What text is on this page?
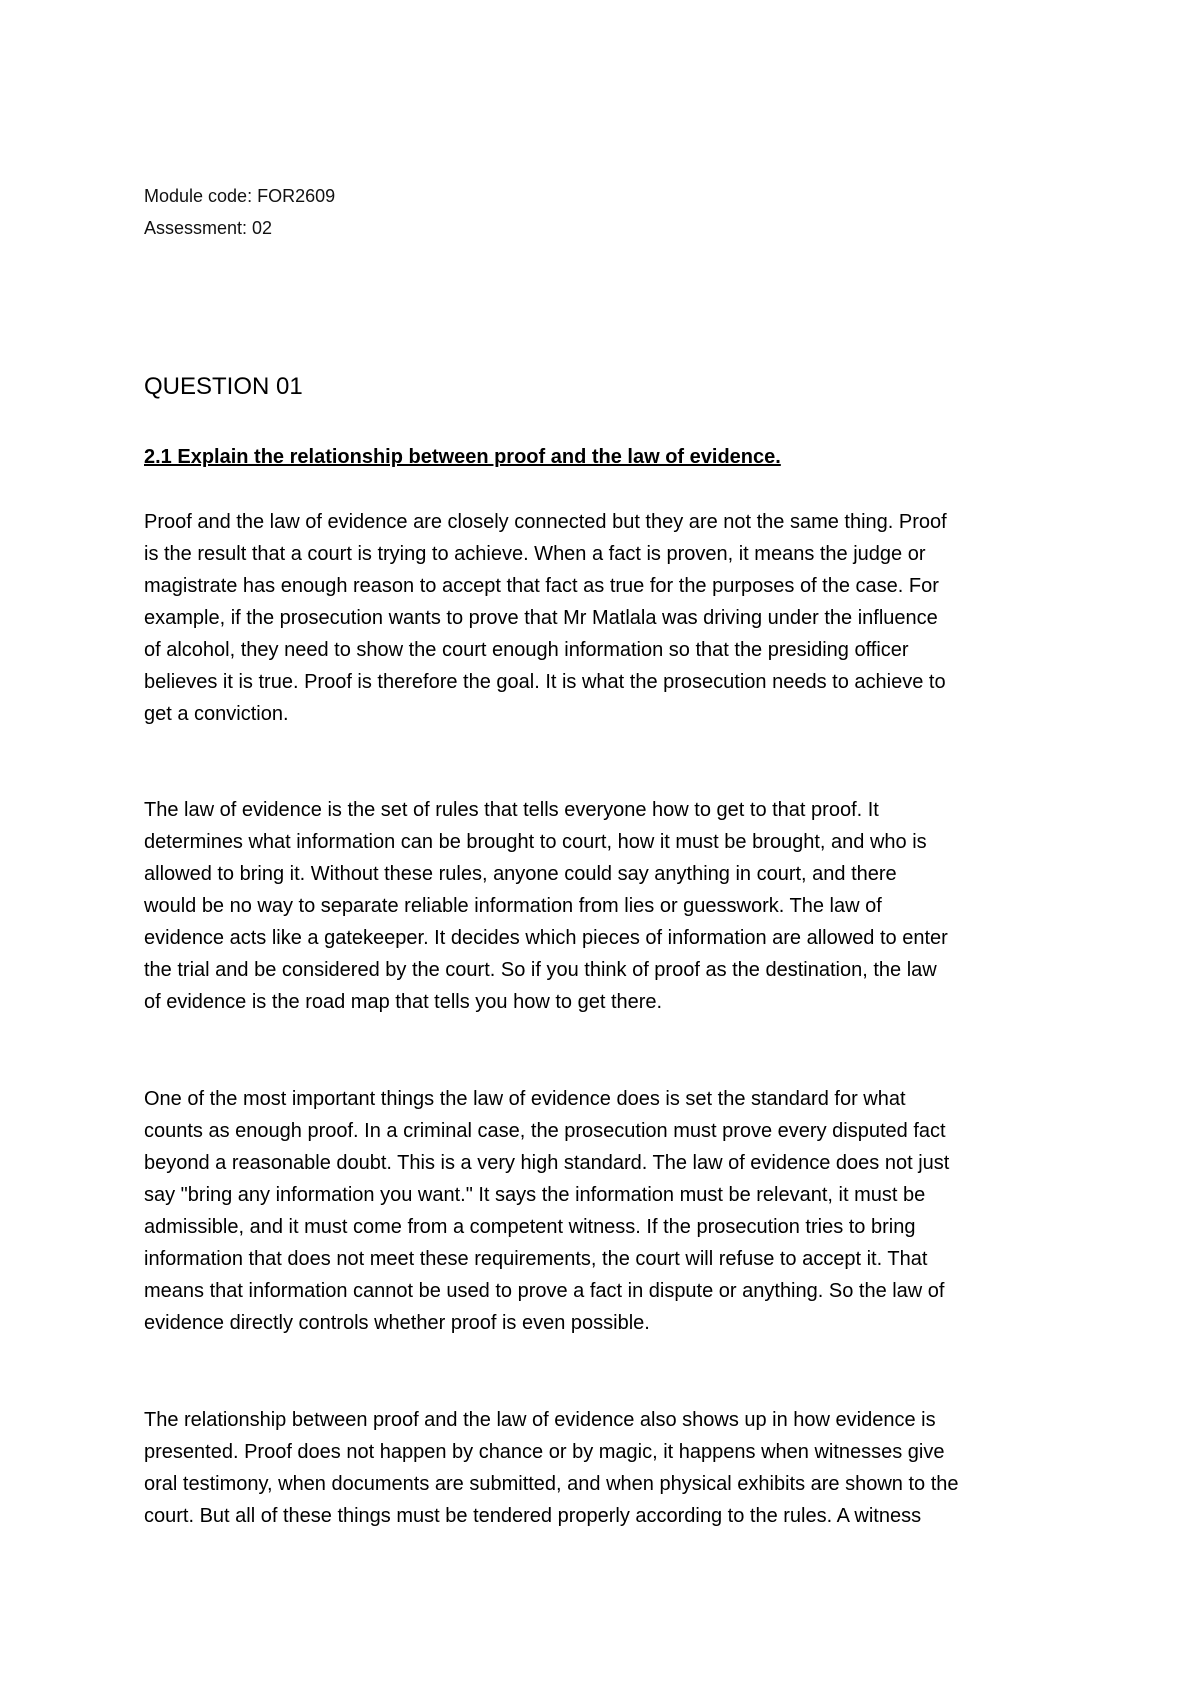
Module code: FOR2609
Assessment: 02
QUESTION 01
2.1 Explain the relationship between proof and the law of evidence.
Proof and the law of evidence are closely connected but they are not the same thing. Proof
is the result that a court is trying to achieve. When a fact is proven, it means the judge or
magistrate has enough reason to accept that fact as true for the purposes of the case. For
example, if the prosecution wants to prove that Mr Matlala was driving under the influence
of alcohol, they need to show the court enough information so that the presiding officer
believes it is true. Proof is therefore the goal. It is what the prosecution needs to achieve to
get a conviction.
The law of evidence is the set of rules that tells everyone how to get to that proof. It
determines what information can be brought to court, how it must be brought, and who is
allowed to bring it. Without these rules, anyone could say anything in court, and there
would be no way to separate reliable information from lies or guesswork. The law of
evidence acts like a gatekeeper. It decides which pieces of information are allowed to enter
the trial and be considered by the court. So if you think of proof as the destination, the law
of evidence is the road map that tells you how to get there.
One of the most important things the law of evidence does is set the standard for what
counts as enough proof. In a criminal case, the prosecution must prove every disputed fact
beyond a reasonable doubt. This is a very high standard. The law of evidence does not just
say "bring any information you want." It says the information must be relevant, it must be
admissible, and it must come from a competent witness. If the prosecution tries to bring
information that does not meet these requirements, the court will refuse to accept it. That
means that information cannot be used to prove a fact in dispute or anything. So the law of
evidence directly controls whether proof is even possible.
The relationship between proof and the law of evidence also shows up in how evidence is
presented. Proof does not happen by chance or by magic, it happens when witnesses give
oral testimony, when documents are submitted, and when physical exhibits are shown to the
court. But all of these things must be tendered properly according to the rules. A witness
